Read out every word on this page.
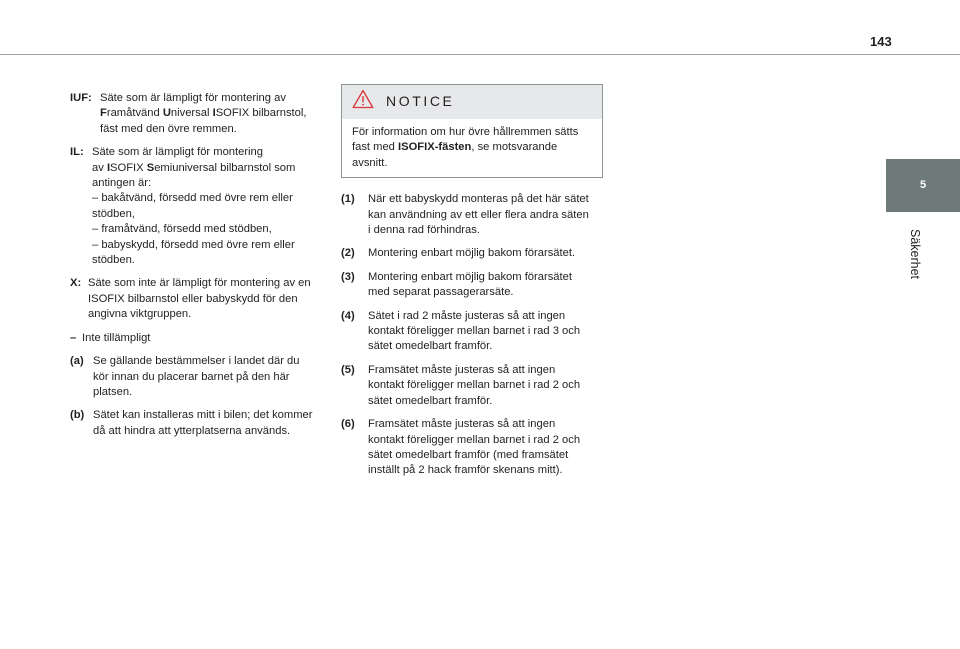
143
5
Säkerhet
IUF: Säte som är lämpligt för montering av
Framåtvänd Universal ISOFIX bilbarnstol,
fäst med den övre remmen.
IL: Säte som är lämpligt för montering
av ISOFIX Semiuniversal bilbarnstol som
antingen är:
– bakåtvänd, försedd med övre rem eller
stödben,
– framåtvänd, försedd med stödben,
– babyskydd, försedd med övre rem eller
stödben.
X: Säte som inte är lämpligt för montering av en
ISOFIX bilbarnstol eller babyskydd för den
angivna viktgruppen.
– Inte tillämpligt
(a) Se gällande bestämmelser i landet där du
kör innan du placerar barnet på den här
platsen.
(b) Sätet kan installeras mitt i bilen; det kommer
då att hindra att ytterplatserna används.
NOTICE
För information om hur övre hållremmen sätts
fast med ISOFIX-fästen, se motsvarande
avsnitt.
(1)	När ett babyskydd monteras på det här sätet
kan användning av ett eller flera andra säten
i denna rad förhindras.
(2)	Montering enbart möjlig bakom förarsätet.
(3)	Montering enbart möjlig bakom förarsätet
med separat passagerarsäte.
(4)	Sätet i rad 2 måste justeras så att ingen
kontakt föreligger mellan barnet i rad 3 och
sätet omedelbart framför.
(5)	Framsätet måste justeras så att ingen
kontakt föreligger mellan barnet i rad 2 och
sätet omedelbart framför.
(6)	Framsätet måste justeras så att ingen
kontakt föreligger mellan barnet i rad 2 och
sätet omedelbart framför (med framsätet
inställt på 2 hack framför skenans mitt).
